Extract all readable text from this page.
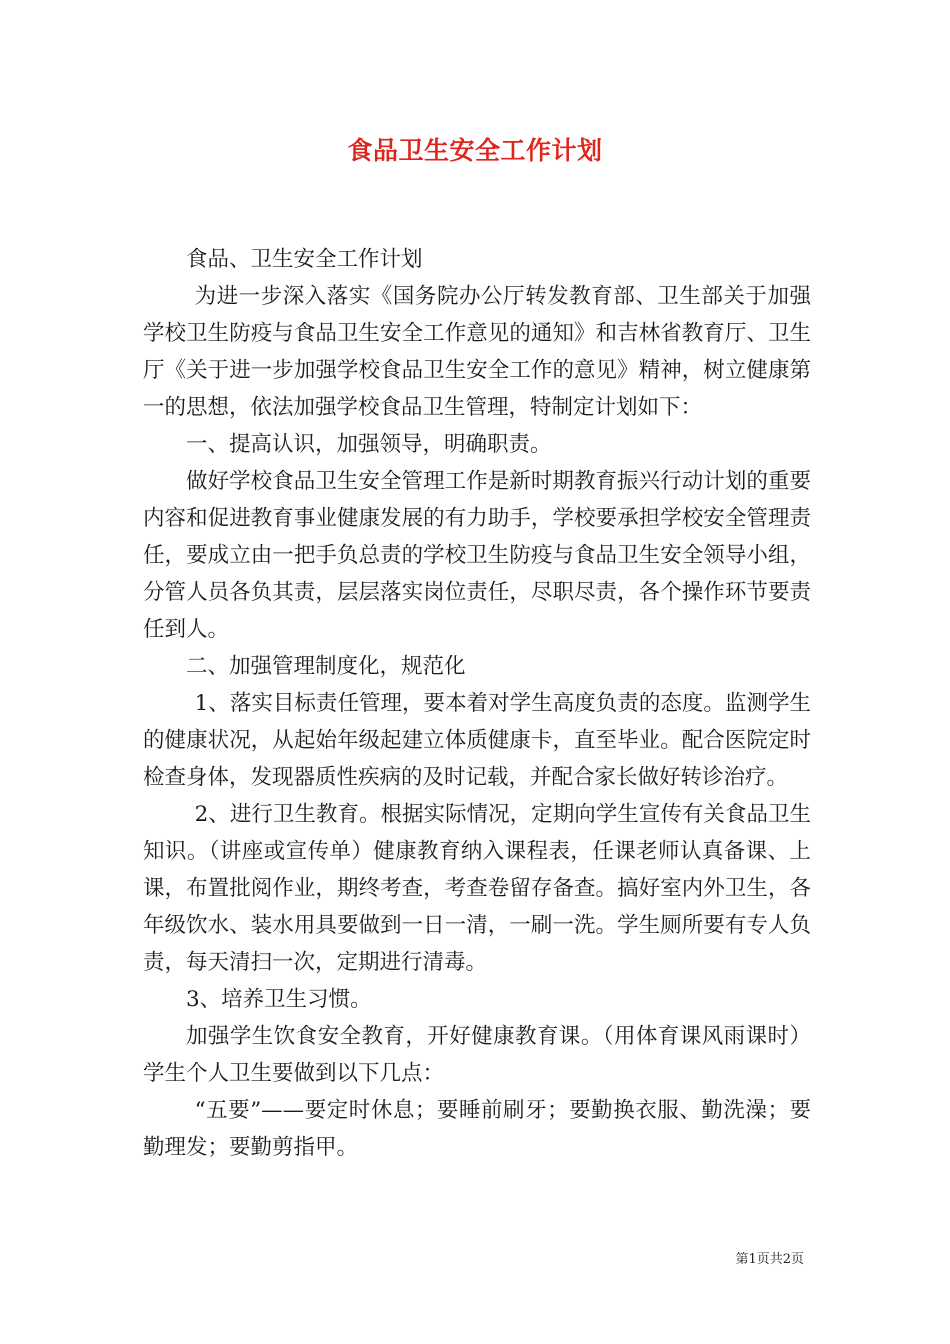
食品卫生安全工作计划

食品、卫生安全工作计划

为进一步深入落实《国务院办公厅转发教育部、卫生部关于加强学校卫生防疫与食品卫生安全工作意见的通知》和吉林省教育厅、卫生厅《关于进一步加强学校食品卫生安全工作的意见》精神，树立健康第一的思想，依法加强学校食品卫生管理，特制定计划如下：

一、提高认识，加强领导，明确职责。

做好学校食品卫生安全管理工作是新时期教育振兴行动计划的重要内容和促进教育事业健康发展的有力助手，学校要承担学校安全管理责任，要成立由一把手负总责的学校卫生防疫与食品卫生安全领导小组，分管人员各负其责，层层落实岗位责任，尽职尽责，各个操作环节要责任到人。

二、加强管理制度化，规范化

1、落实目标责任管理，要本着对学生高度负责的态度。监测学生的健康状况，从起始年级起建立体质健康卡，直至毕业。配合医院定时检查身体，发现器质性疾病的及时记载，并配合家长做好转诊治疗。

2、进行卫生教育。根据实际情况，定期向学生宣传有关食品卫生知识。（讲座或宣传单）健康教育纳入课程表，任课老师认真备课、上课，布置批阅作业，期终考查，考查卷留存备查。搞好室内外卫生，各年级饮水、装水用具要做到一日一清，一刷一洗。学生厕所要有专人负责，每天清扫一次，定期进行清毒。

3、培养卫生习惯。

加强学生饮食安全教育，开好健康教育课。（用体育课风雨课时）学生个人卫生要做到以下几点：

“五要”——要定时休息；要睡前刷牙；要勤换衣服、勤洗澡；要勤理发；要勤剪指甲。

第1页共2页
